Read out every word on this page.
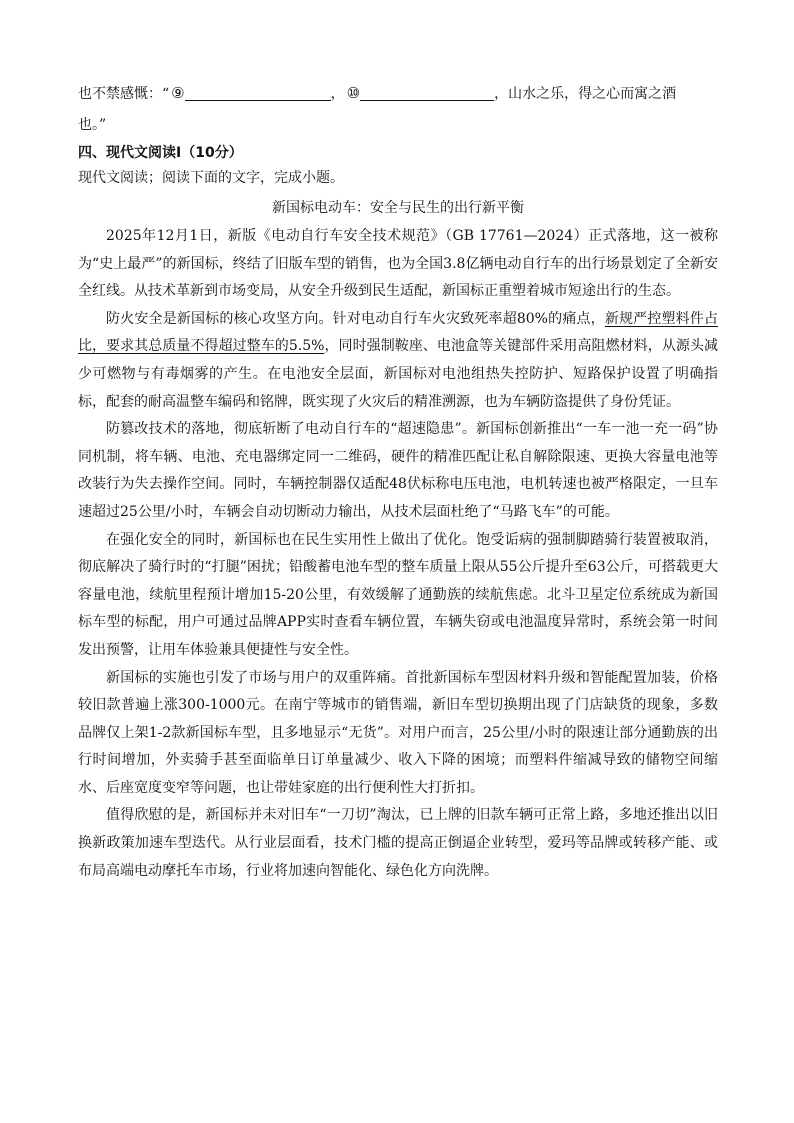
也不禁感慨：“ ⑨	， ⑩	，山水之乐，得之心而寓之酒

也。”

四、现代文阅读Ⅰ（10分）

现代文阅读；阅读下面的文字，完成小题。

新国标电动车：安全与民生的出行新平衡

2025年12月1日，新版《电动自行车安全技术规范》（GB 17761—2024）正式落地，这一被称为“史上最严”的新国标，终结了旧版车型的销售，也为全国3.8亿辆电动自行车的出行场景划定了全新安全红线。从技术革新到市场变局，从安全升级到民生适配，新国标正重塑着城市短途出行的生态。

防火安全是新国标的核心攻坚方向。针对电动自行车火灾致死率超80%的痛点，新规严控塑料件占比，要求其总质量不得超过整车的5.5%，同时强制鞍座、电池盒等关键部件采用高阻燃材料，从源头减少可燃物与有毒烟雾的产生。在电池安全层面，新国标对电池组热失控防护、短路保护设置了明确指标，配套的耐高温整车编码和铭牌，既实现了火灾后的精准溯源，也为车辆防盗提供了身份凭证。

防篡改技术的落地，彻底斩断了电动自行车的“超速隐患”。新国标创新推出“一车一池一充一码”协同机制，将车辆、电池、充电器绑定同一二维码，硬件的精准匹配让私自解除限速、更换大容量电池等改装行为失去操作空间。同时，车辆控制器仅适配48伏标称电压电池，电机转速也被严格限定，一旦车速超过25公里/小时，车辆会自动切断动力输出，从技术层面杜绝了“马路飞车”的可能。

在强化安全的同时，新国标也在民生实用性上做出了优化。饱受诟病的强制脚踏骑行装置被取消，彻底解决了骑行时的“打腿”困扰；铅酸蓄电池车型的整车质量上限从55公斤提升至63公斤，可搭载更大容量电池，续航里程预计增加15-20公里，有效缓解了通勤族的续航焦虑。北斗卫星定位系统成为新国标车型的标配，用户可通过品牌APP实时查看车辆位置，车辆失窃或电池温度异常时，系统会第一时间发出预警，让用车体验兼具便捷性与安全性。

新国标的实施也引发了市场与用户的双重阵痛。首批新国标车型因材料升级和智能配置加装，价格较旧款普遍上涨300-1000元。在南宁等城市的销售端，新旧车型切换期出现了门店缺货的现象，多数品牌仅上架1-2款新国标车型，且多地显示“无货”。对用户而言，25公里/小时的限速让部分通勤族的出行时间增加，外卖骑手甚至面临单日订单量减少、收入下降的困境；而塑料件缩减导致的储物空间缩水、后座宽度变窄等问题，也让带娃家庭的出行便利性大打折扣。

值得欣慰的是，新国标并未对旧车“一刀切”淘汰，已上牌的旧款车辆可正常上路，多地还推出以旧换新政策加速车型迭代。从行业层面看，技术门槛的提高正倒逼企业转型，爱玛等品牌或转移产能、或布局高端电动摩托车市场，行业将加速向智能化、绿色化方向洗牌。
